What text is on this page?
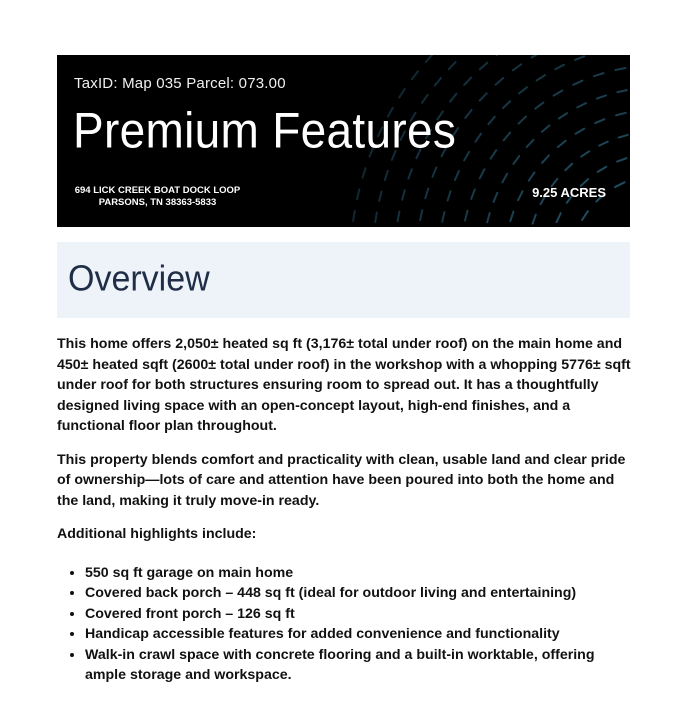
TaxID: Map 035 Parcel: 073.00
Premium Features
694 LICK CREEK BOAT DOCK LOOP
PARSONS, TN 38363-5833
9.25 ACRES
Overview

This home offers 2,050± heated sq ft (3,176± total under roof) on the main home and 450± heated sqft (2600± total under roof) in the workshop with a whopping 5776± sqft under roof for both structures ensuring room to spread out. It has a thoughtfully designed living space with an open-concept layout, high-end finishes, and a functional floor plan throughout.

This property blends comfort and practicality with clean, usable land and clear pride of ownership—lots of care and attention have been poured into both the home and the land, making it truly move-in ready.

Additional highlights include:

• 550 sq ft garage on main home
• Covered back porch – 448 sq ft (ideal for outdoor living and entertaining)
• Covered front porch – 126 sq ft
• Handicap accessible features for added convenience and functionality
• Walk-in crawl space with concrete flooring and a built-in worktable, offering ample storage and workspace.
